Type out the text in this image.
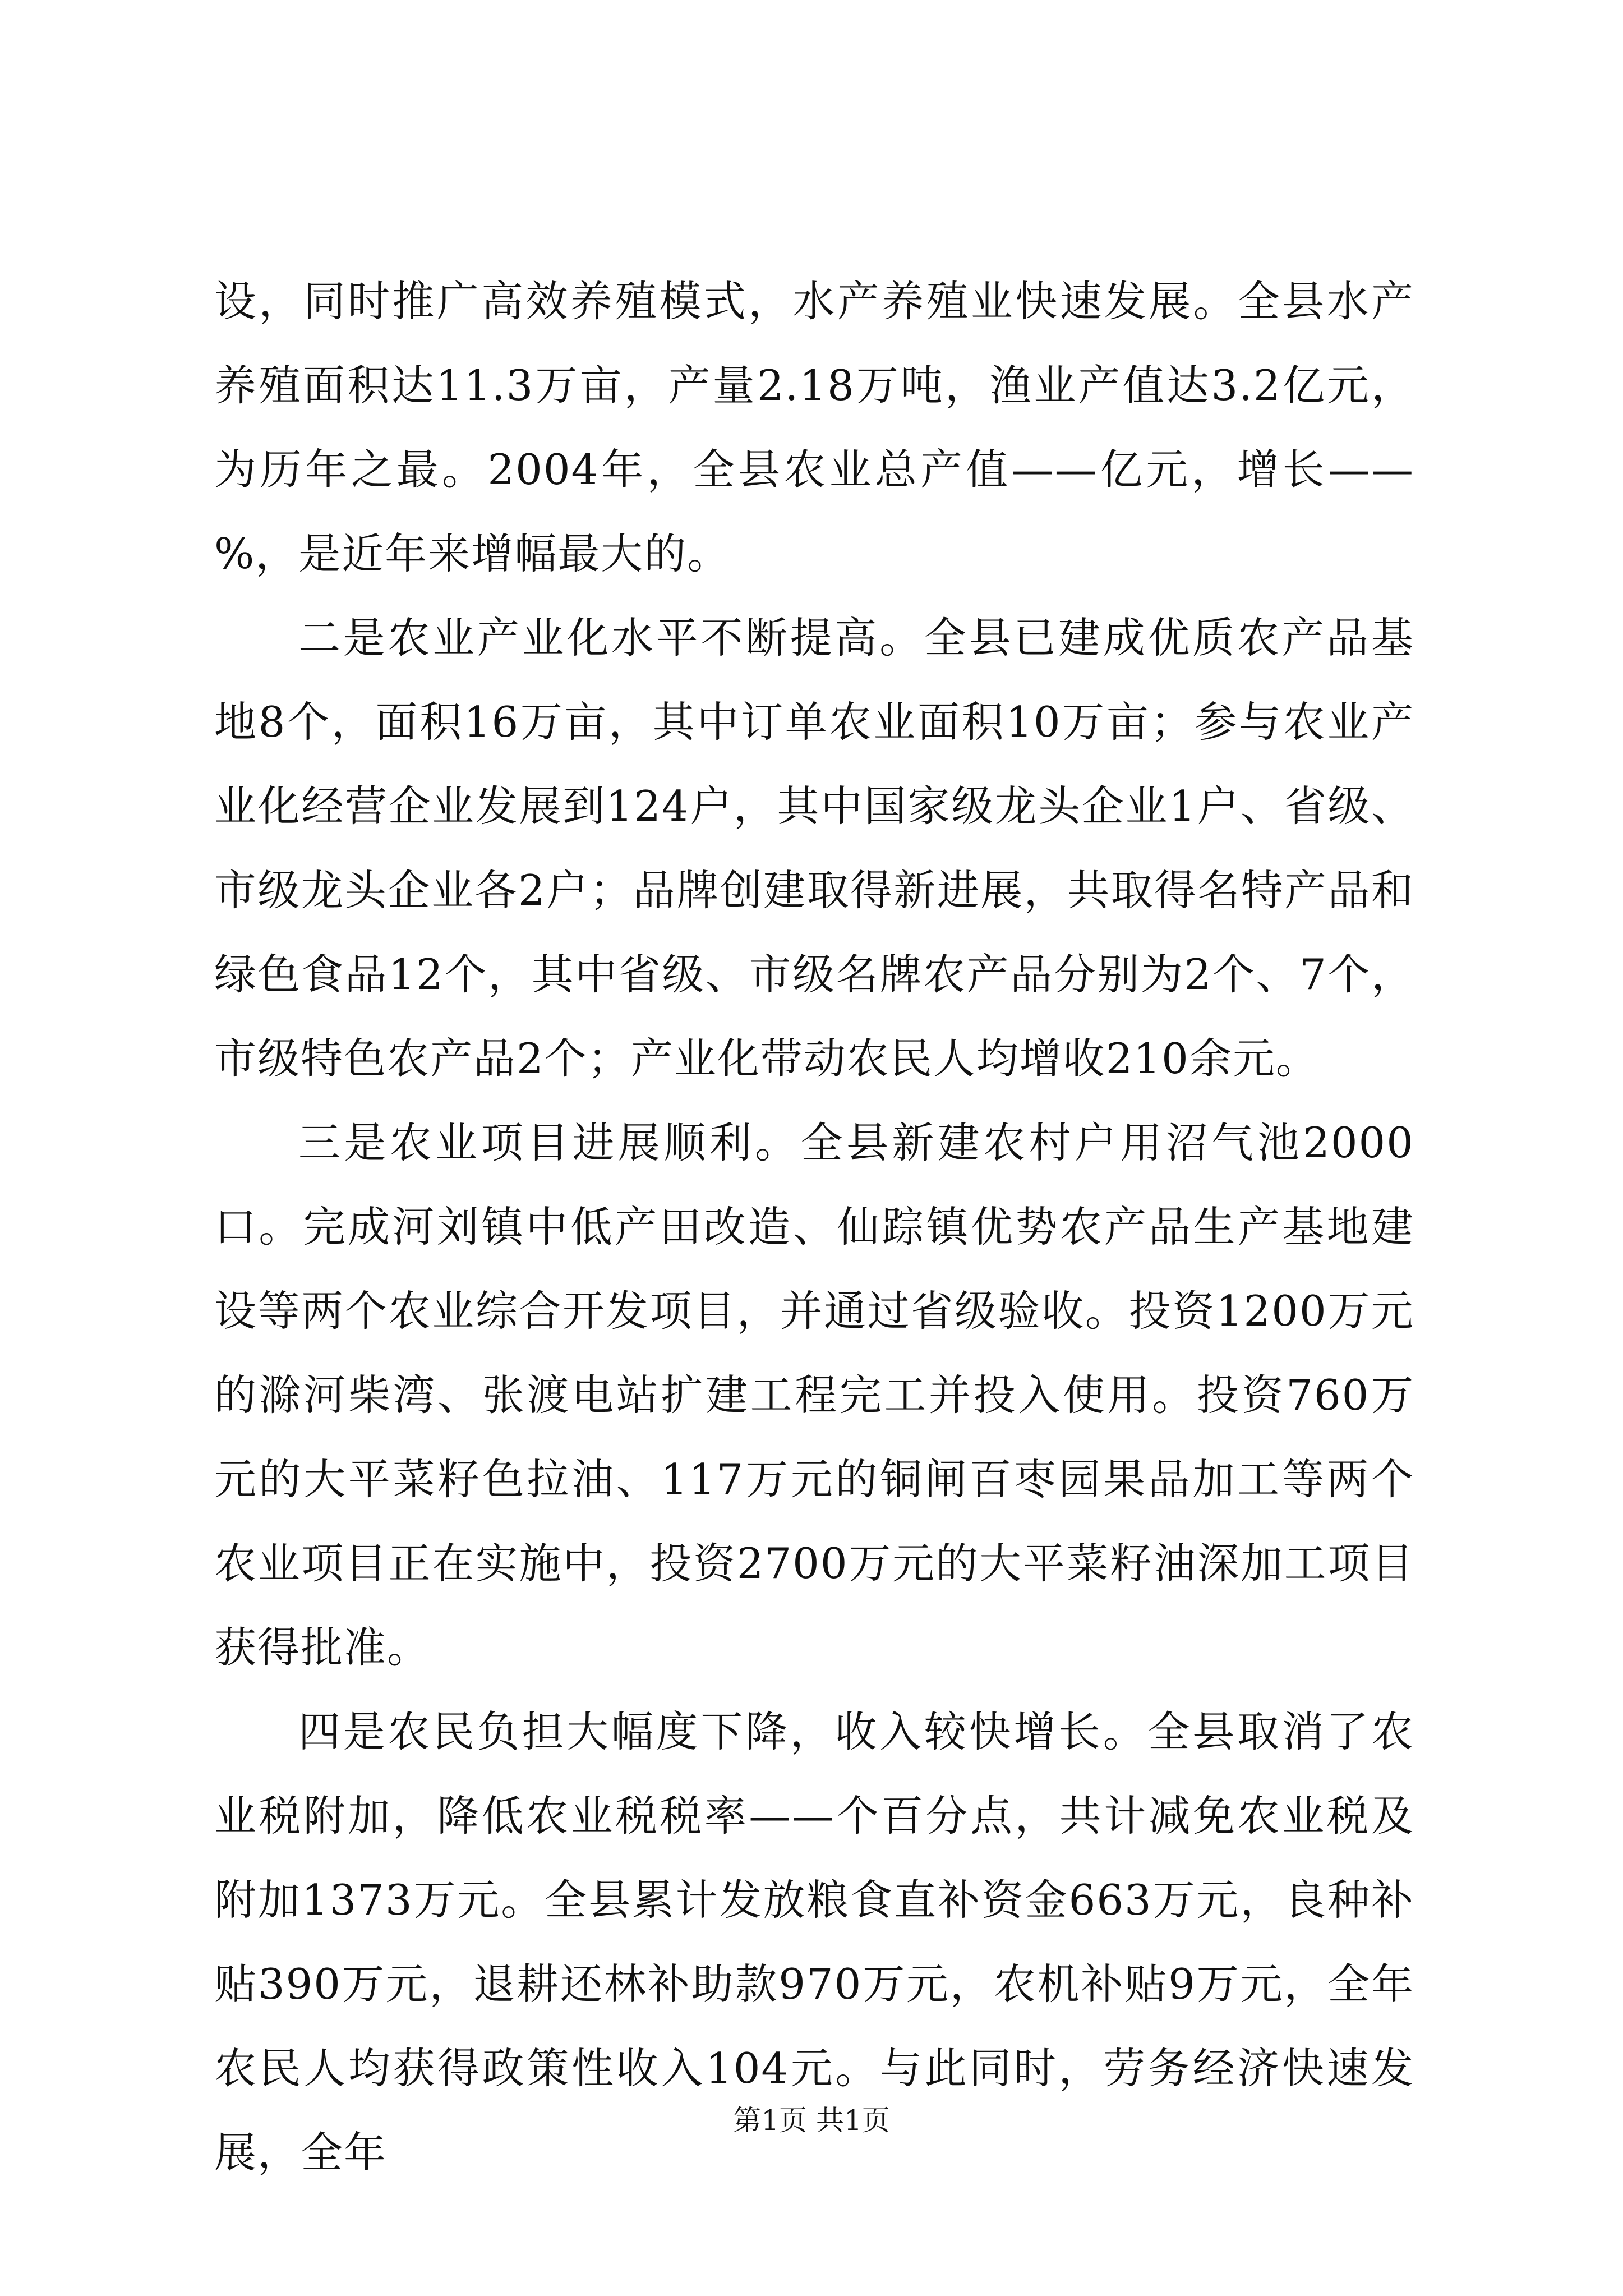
设，同时推广高效养殖模式，水产养殖业快速发展。全县水产养殖面积达11.3万亩，产量2.18万吨，渔业产值达3.2亿元，为历年之最。2004年，全县农业总产值——亿元，增长——%，是近年来增幅最大的。

二是农业产业化水平不断提高。全县已建成优质农产品基地8个，面积16万亩，其中订单农业面积10万亩；参与农业产业化经营企业发展到124户，其中国家级龙头企业1户、省级、市级龙头企业各2户；品牌创建取得新进展，共取得名特产品和绿色食品12个，其中省级、市级名牌农产品分别为2个、7个，市级特色农产品2个；产业化带动农民人均增收210余元。

三是农业项目进展顺利。全县新建农村户用沼气池2000口。完成河刘镇中低产田改造、仙踪镇优势农产品生产基地建设等两个农业综合开发项目，并通过省级验收。投资1200万元的滁河柴湾、张渡电站扩建工程完工并投入使用。投资760万元的大平菜籽色拉油、117万元的铜闸百枣园果品加工等两个农业项目正在实施中，投资2700万元的大平菜籽油深加工项目获得批准。

四是农民负担大幅度下降，收入较快增长。全县取消了农业税附加，降低农业税税率——个百分点，共计减免农业税及附加1373万元。全县累计发放粮食直补资金663万元，良种补贴390万元，退耕还林补助款970万元，农机补贴9万元，全年农民人均获得政策性收入104元。与此同时，劳务经济快速发展，全年

第1页 共1页
